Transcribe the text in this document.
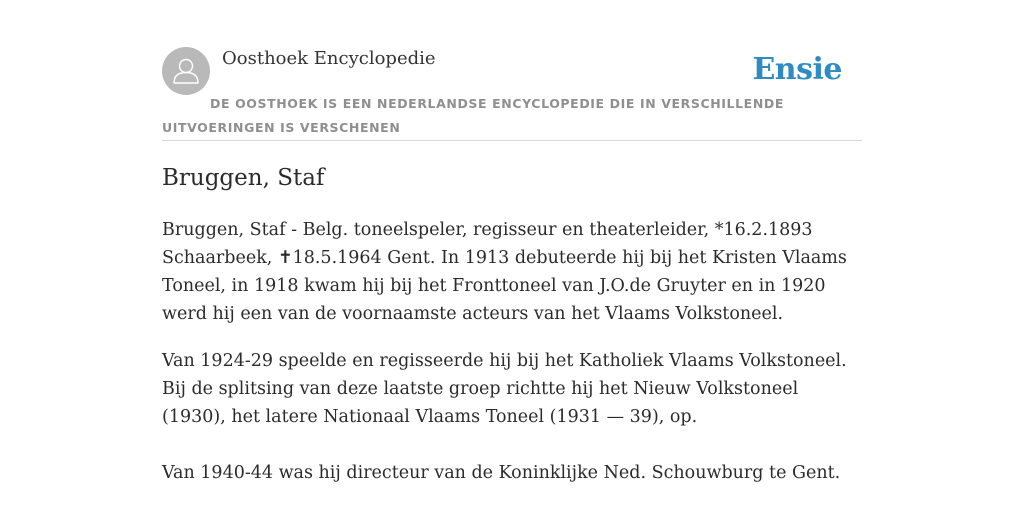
Oosthoek Encyclopedie	Ensie
DE OOSTHOEK IS EEN NEDERLANDSE ENCYCLOPEDIE DIE IN VERSCHILLENDE UITVOERINGEN IS VERSCHENEN
Bruggen, Staf

Bruggen, Staf - Belg. toneelspeler, regisseur en theaterleider, *16.2.1893 Schaarbeek, ✝18.5.1964 Gent. In 1913 debuteerde hij bij het Kristen Vlaams Toneel, in 1918 kwam hij bij het Fronttoneel van J.O.de Gruyter en in 1920 werd hij een van de voornaamste acteurs van het Vlaams Volkstoneel.

Van 1924-29 speelde en regisseerde hij bij het Katholiek Vlaams Volkstoneel. Bij de splitsing van deze laatste groep richtte hij het Nieuw Volkstoneel (1930), het latere Nationaal Vlaams Toneel (1931 — 39), op.

Van 1940-44 was hij directeur van de Koninklijke Ned. Schouwburg te Gent.
